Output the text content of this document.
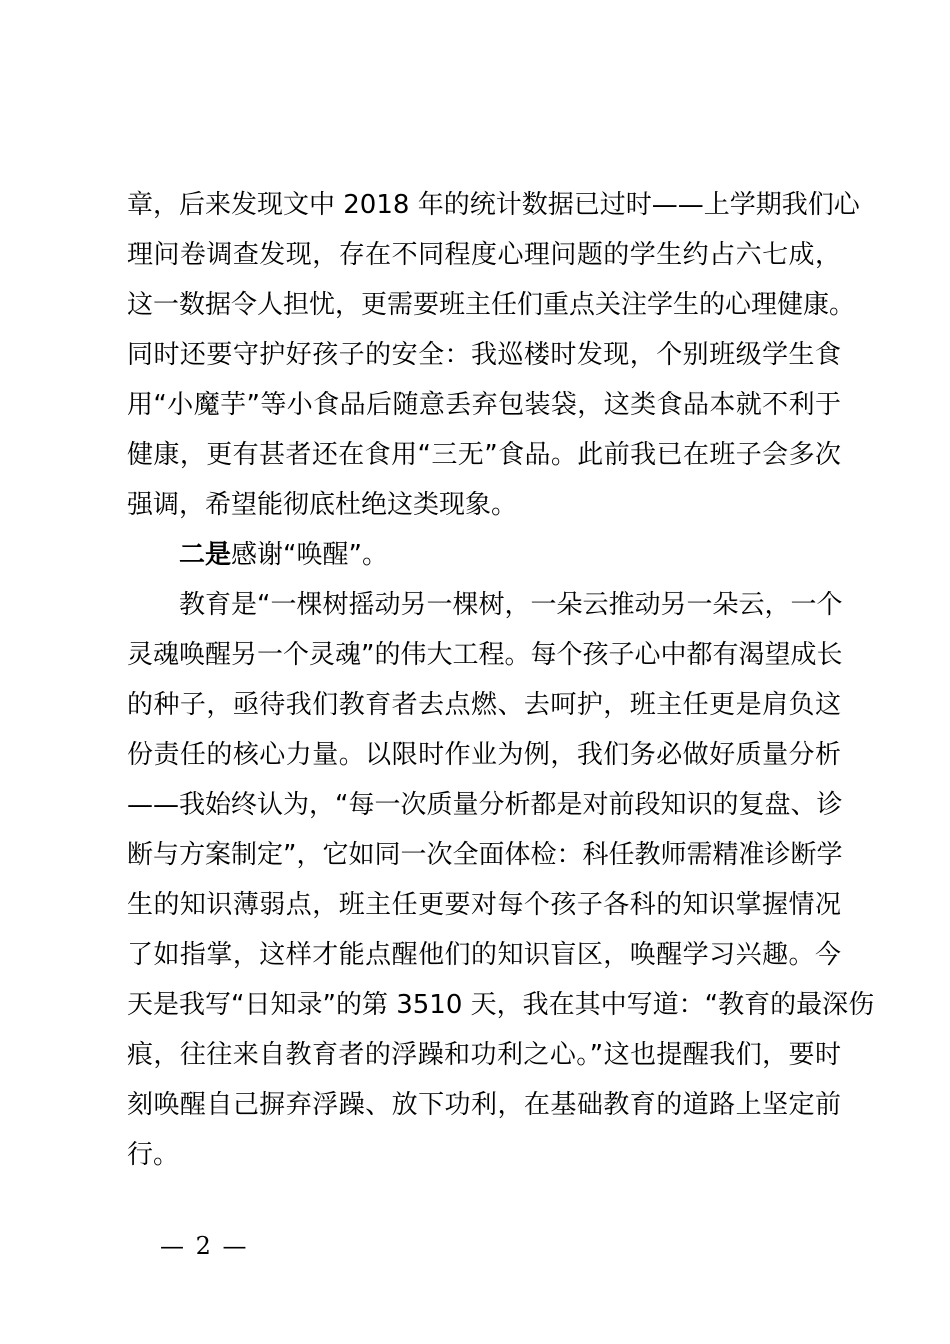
章，后来发现文中 2018 年的统计数据已过时——上学期我们心
理问卷调查发现，存在不同程度心理问题的学生约占六七成，
这一数据令人担忧，更需要班主任们重点关注学生的心理健康。
同时还要守护好孩子的安全：我巡楼时发现，个别班级学生食
用“小魔芋”等小食品后随意丢弃包装袋，这类食品本就不利于
健康，更有甚者还在食用“三无”食品。此前我已在班子会多次
强调，希望能彻底杜绝这类现象。
二是感谢“唤醒”。
教育是“一棵树摇动另一棵树，一朵云推动另一朵云，一个
灵魂唤醒另一个灵魂”的伟大工程。每个孩子心中都有渴望成长
的种子，亟待我们教育者去点燃、去呵护，班主任更是肩负这
份责任的核心力量。以限时作业为例，我们务必做好质量分析
——我始终认为，“每一次质量分析都是对前段知识的复盘、诊
断与方案制定”，它如同一次全面体检：科任教师需精准诊断学
生的知识薄弱点，班主任更要对每个孩子各科的知识掌握情况
了如指掌，这样才能点醒他们的知识盲区，唤醒学习兴趣。今
天是我写“日知录”的第 3510 天，我在其中写道：“教育的最深伤
痕，往往来自教育者的浮躁和功利之心。”这也提醒我们，要时
刻唤醒自己摒弃浮躁、放下功利，在基础教育的道路上坚定前
行。
— 2 —
